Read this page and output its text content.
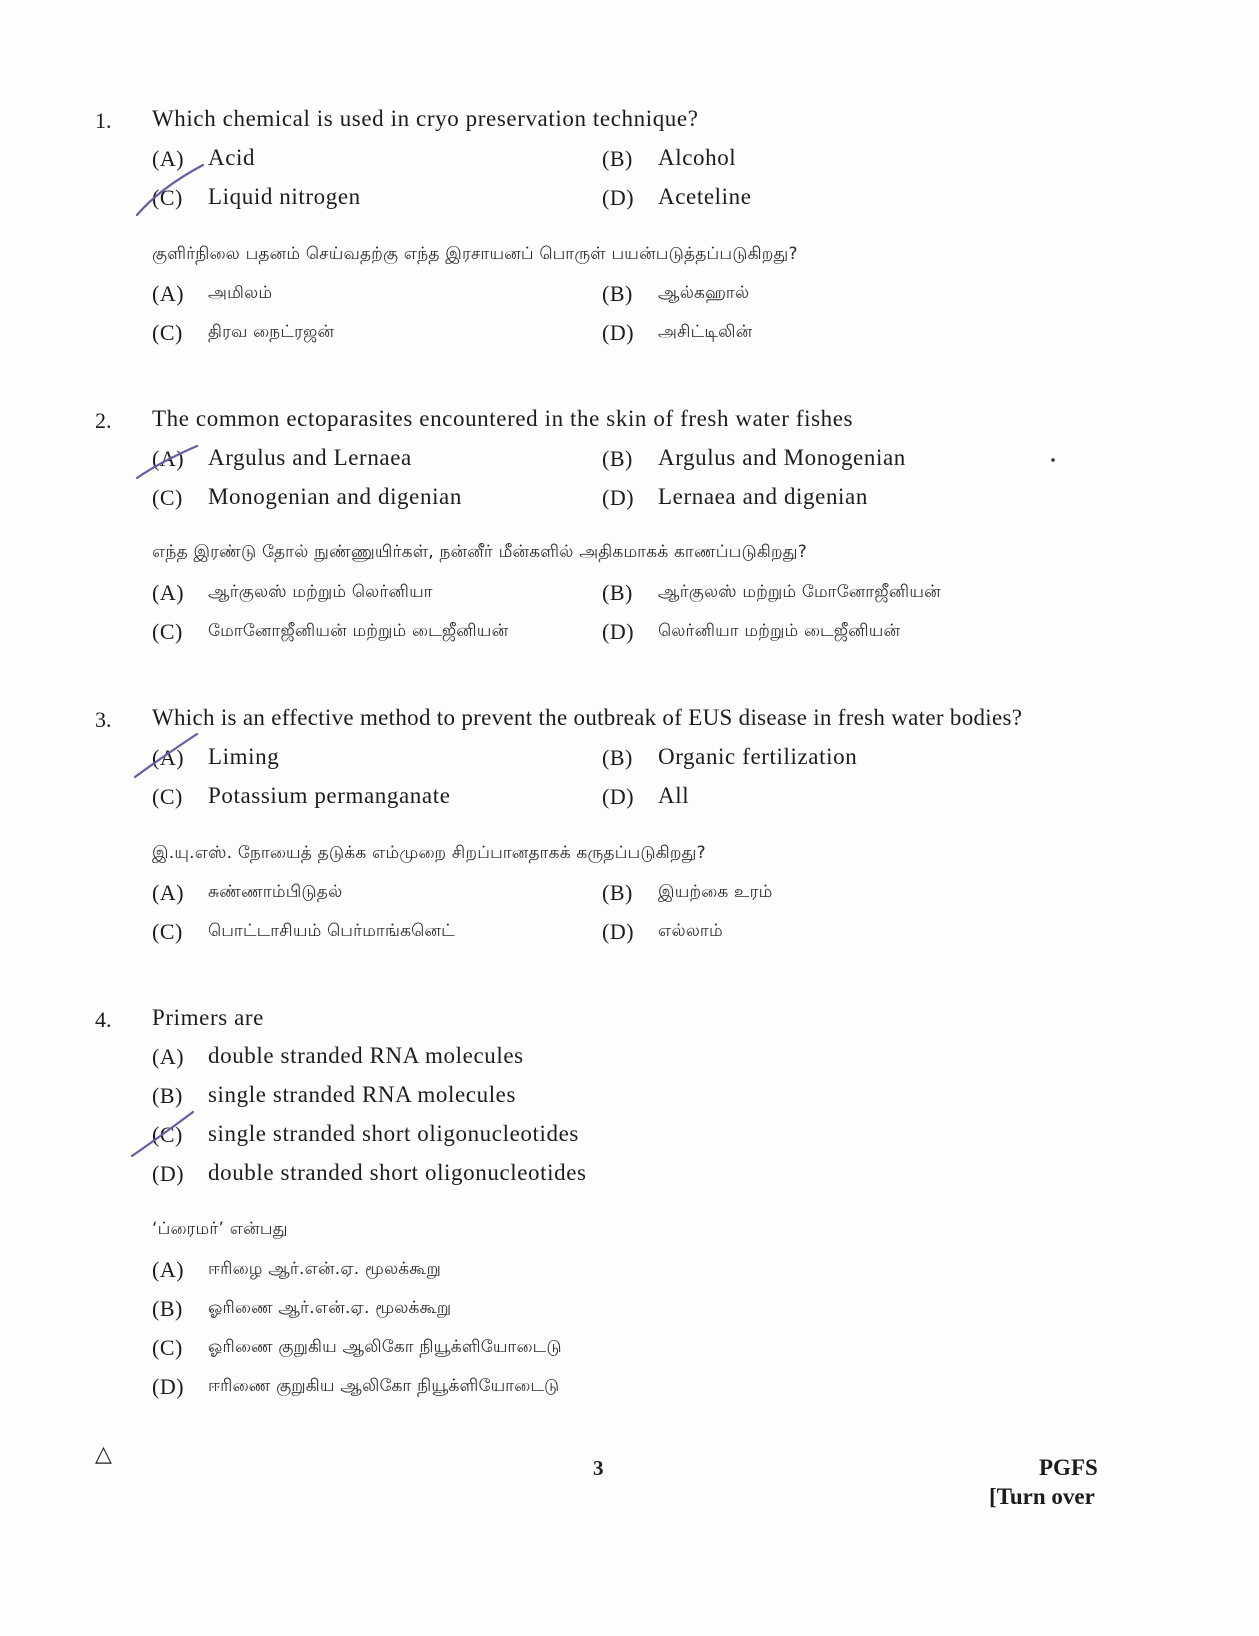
1. Which chemical is used in cryo preservation technique?
(A) Acid	(B) Alcohol
(C) Liquid nitrogen	(D) Aceteline
குளிர்நிலை பதனம் செய்வதற்கு எந்த இரசாயனப் பொருள் பயன்படுத்தப்படுகிறது?
(A) அமிலம்	(B) ஆல்கஹால்
(C) திரவ நைட்ரஜன்	(D) அசிட்டிலின்
2. The common ectoparasites encountered in the skin of fresh water fishes
(A) Argulus and Lernaea	(B) Argulus and Monogenian
(C) Monogenian and digenian	(D) Lernaea and digenian
எந்த இரண்டு தோல் நுண்ணுயிர்கள், நன்னீர் மீன்களில் அதிகமாகக் காணப்படுகிறது?
(A) ஆர்குலஸ் மற்றும் லெர்னியா	(B) ஆர்குலஸ் மற்றும் மோனோஜீனியன்
(C) மோனோஜீனியன் மற்றும் டைஜீனியன்	(D) லெர்னியா மற்றும் டைஜீனியன்
3. Which is an effective method to prevent the outbreak of EUS disease in fresh water bodies?
(A) Liming	(B) Organic fertilization
(C) Potassium permanganate	(D) All
இ.யு.எஸ். நோயைத் தடுக்க எம்முறை சிறப்பானதாகக் கருதப்படுகிறது?
(A) சுண்ணாம்பிடுதல்	(B) இயற்கை உரம்
(C) பொட்டாசியம் பெர்மாங்கனெட்	(D) எல்லாம்
4. Primers are
(A) double stranded RNA molecules
(B) single stranded RNA molecules
(C) single stranded short oligonucleotides
(D) double stranded short oligonucleotides
‘ப்ரைமர்’ என்பது
(A) ஈரிழை ஆர்.என்.ஏ. மூலக்கூறு
(B) ஓரிணை ஆர்.என்.ஏ. மூலக்கூறு
(C) ஓரிணை குறுகிய ஆலிகோ நியூக்ளியோடைடு
(D) ஈரிணை குறுகிய ஆலிகோ நியூக்ளியோடைடு
△
3	PGFS
[Turn over
